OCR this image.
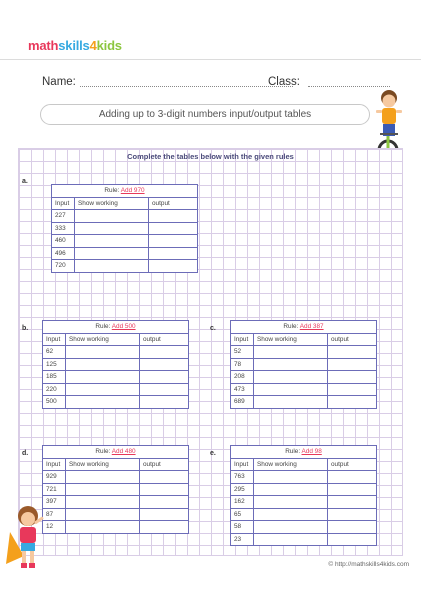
math skills 4 kids
Name:	Class:
Adding up to 3-digit numbers input/output tables
Complete the tables below with the given rules
a.
Rule: Add 970		
Input	Show working	output
227		
333		
460		
496		
720		
b.	Rule: Add 500		
Input	Show working	output
62		
125		
185		
220		
500		
c.	Rule: Add 387		
Input	Show working	output
52		
78		
208		
473		
689		
d.	Rule: Add 480		
Input	Show working	output
929		
721		
397		
87		
12		
e.	Rule: Add 98		
Input	Show working	output
763		
295		
162		
65		
58		
23		
© http://mathskills4kids.com
